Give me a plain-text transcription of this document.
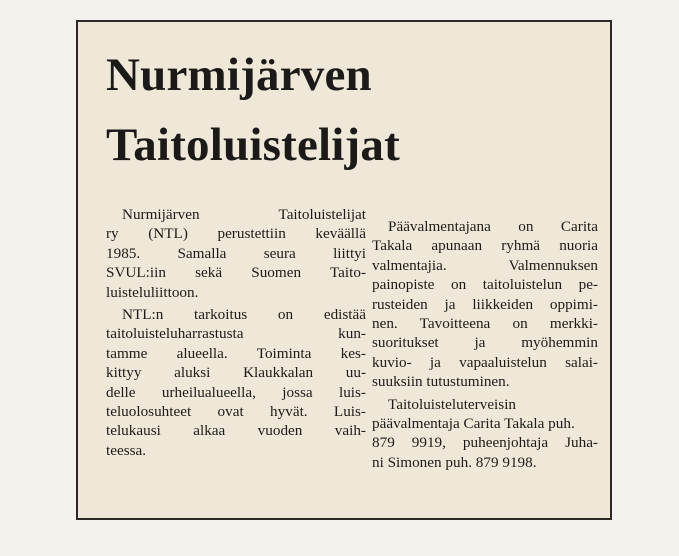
Nurmijärven
Taitoluistelijat

Nurmijärven Taitoluistelijat
ry (NTL) perustettiin keväällä
1985. Samalla seura liittyi
SVUL:iin sekä Suomen Taito-
luisteluliittoon.

NTL:n tarkoitus on edistää
taitoluisteluharrastusta kun-
tamme alueella. Toiminta kes-
kittyy aluksi Klaukkalan uu-
delle urheilualueella, jossa luis-
teluolosuhteet ovat hyvät. Luis-
telukausi alkaa vuoden vaih-
teessa.

Päävalmentajana on Carita
Takala apunaan ryhmä nuoria
valmentajia. Valmennuksen
painopiste on taitoluistelun pe-
rusteiden ja liikkeiden oppimi-
nen. Tavoitteena on merkki-
suoritukset ja myöhemmin
kuvio- ja vapaaluistelun salai-
suuksiin tutustuminen.

Taitoluisteluterveisin päävalmentaja Carita Takala puh.
879 9919, puheenjohtaja Juha-
ni Simonen puh. 879 9198.
